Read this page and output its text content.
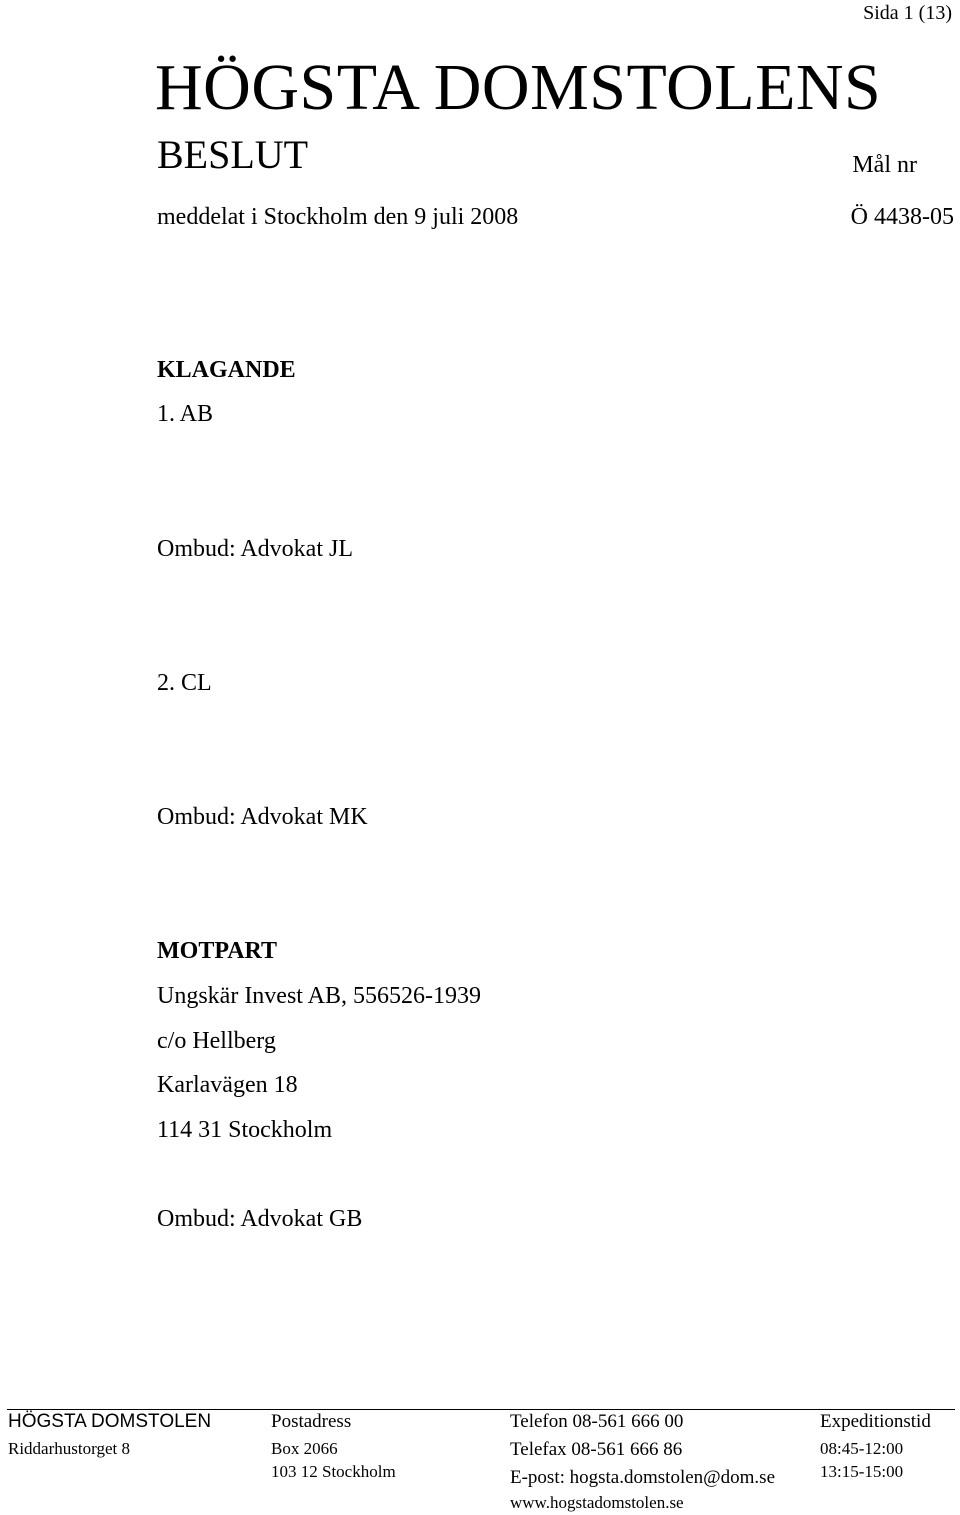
Sida 1 (13)
HÖGSTA DOMSTOLENS
BESLUT	Mål nr
meddelat i Stockholm den 9 juli 2008	Ö 4438-05
KLAGANDE
1. AB
Ombud: Advokat JL
2. CL
Ombud: Advokat MK
MOTPART
Ungskär Invest AB, 556526-1939
c/o Hellberg
Karlavägen 18
114 31 Stockholm
Ombud: Advokat GB
HÖGSTA DOMSTOLEN
Riddarhustorget 8
Postadress
Box 2066
103 12 Stockholm
Telefon 08-561 666 00
Telefax 08-561 666 86
E-post: hogsta.domstolen@dom.se
www.hogstadomstolen.se
Expeditionstid
08:45-12:00
13:15-15:00
